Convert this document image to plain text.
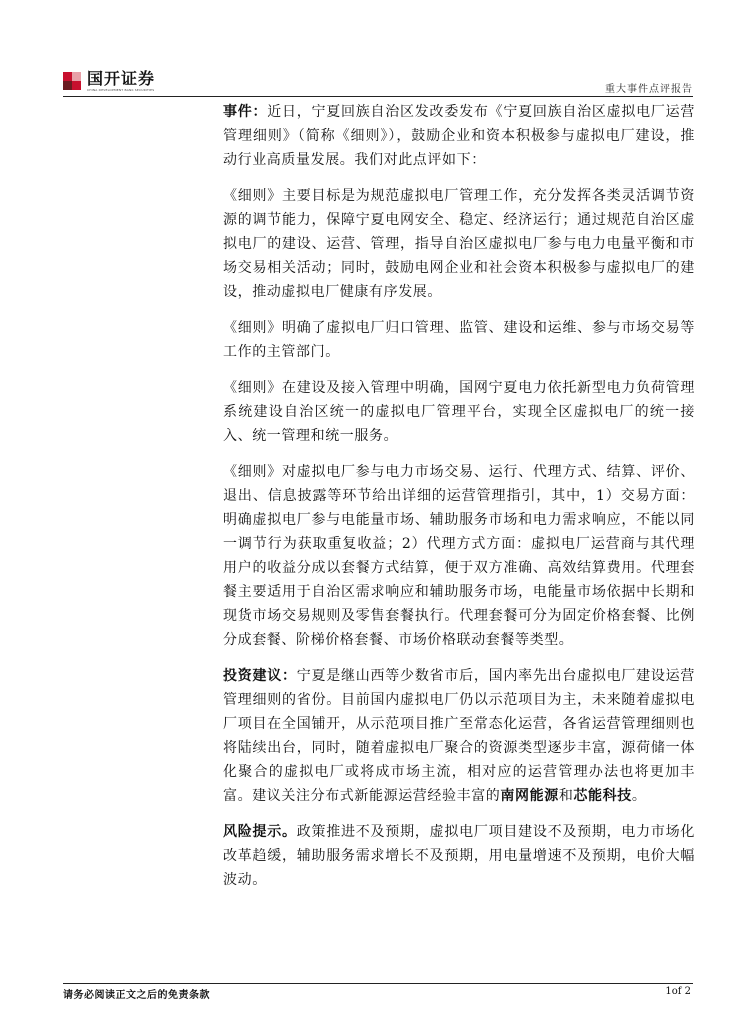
国开证券
CHINA DEVELOPMENT BANK SECURITIES	重大事件点评报告

事件：近日，宁夏回族自治区发改委发布《宁夏回族自治区虚拟电厂运营管理细则》（简称《细则》），鼓励企业和资本积极参与虚拟电厂建设，推动行业高质量发展。我们对此点评如下：

《细则》主要目标是为规范虚拟电厂管理工作，充分发挥各类灵活调节资源的调节能力，保障宁夏电网安全、稳定、经济运行；通过规范自治区虚拟电厂的建设、运营、管理，指导自治区虚拟电厂参与电力电量平衡和市场交易相关活动；同时，鼓励电网企业和社会资本积极参与虚拟电厂的建设，推动虚拟电厂健康有序发展。

《细则》明确了虚拟电厂归口管理、监管、建设和运维、参与市场交易等工作的主管部门。

《细则》在建设及接入管理中明确，国网宁夏电力依托新型电力负荷管理系统建设自治区统一的虚拟电厂管理平台，实现全区虚拟电厂的统一接入、统一管理和统一服务。

《细则》对虚拟电厂参与电力市场交易、运行、代理方式、结算、评价、退出、信息披露等环节给出详细的运营管理指引，其中，1）交易方面：明确虚拟电厂参与电能量市场、辅助服务市场和电力需求响应，不能以同一调节行为获取重复收益；2）代理方式方面：虚拟电厂运营商与其代理用户的收益分成以套餐方式结算，便于双方准确、高效结算费用。代理套餐主要适用于自治区需求响应和辅助服务市场，电能量市场依据中长期和现货市场交易规则及零售套餐执行。代理套餐可分为固定价格套餐、比例分成套餐、阶梯价格套餐、市场价格联动套餐等类型。

投资建议：宁夏是继山西等少数省市后，国内率先出台虚拟电厂建设运营管理细则的省份。目前国内虚拟电厂仍以示范项目为主，未来随着虚拟电厂项目在全国铺开，从示范项目推广至常态化运营，各省运营管理细则也将陆续出台，同时，随着虚拟电厂聚合的资源类型逐步丰富，源荷储一体化聚合的虚拟电厂或将成市场主流，相对应的运营管理办法也将更加丰富。建议关注分布式新能源运营经验丰富的南网能源和芯能科技。

风险提示。政策推进不及预期，虚拟电厂项目建设不及预期，电力市场化改革趋缓，辅助服务需求增长不及预期，用电量增速不及预期，电价大幅波动。

请务必阅读正文之后的免责条款	1of 2
